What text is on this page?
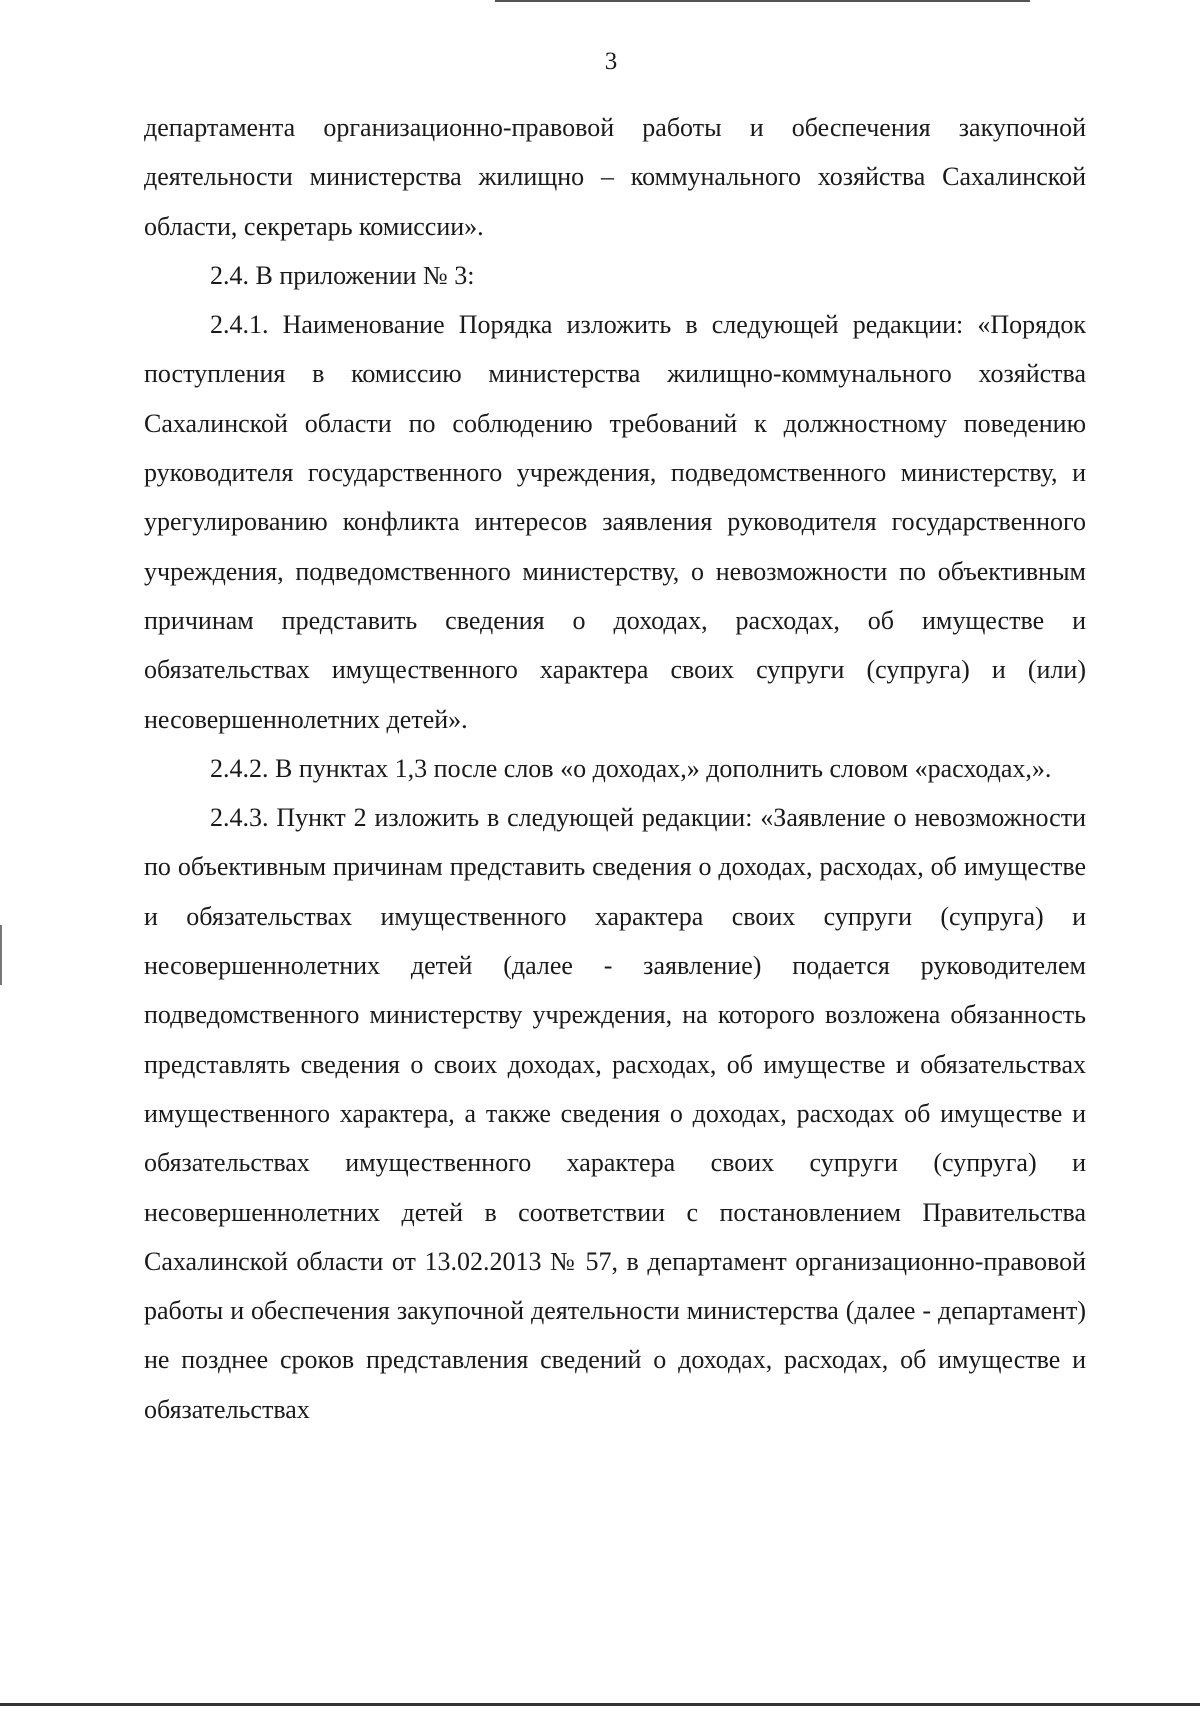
3

департамента организационно-правовой работы и обеспечения закупочной деятельности министерства жилищно – коммунального хозяйства Сахалинской области, секретарь комиссии».

2.4. В приложении № 3:

2.4.1. Наименование Порядка изложить в следующей редакции: «Порядок поступления в комиссию министерства жилищно-коммунального хозяйства Сахалинской области по соблюдению требований к должностному поведению руководителя государственного учреждения, подведомственного министерству, и урегулированию конфликта интересов заявления руководителя государственного учреждения, подведомственного министерству, о невозможности по объективным причинам представить сведения о доходах, расходах, об имуществе и обязательствах имущественного характера своих супруги (супруга) и (или) несовершеннолетних детей».

2.4.2. В пунктах 1,3 после слов «о доходах,» дополнить словом «расходах,».

2.4.3. Пункт 2 изложить в следующей редакции: «Заявление о невозможности по объективным причинам представить сведения о доходах, расходах, об имуществе и обязательствах имущественного характера своих супруги (супруга) и несовершеннолетних детей (далее - заявление) подается руководителем подведомственного министерству учреждения, на которого возложена обязанность представлять сведения о своих доходах, расходах, об имуществе и обязательствах имущественного характера, а также сведения о доходах, расходах об имуществе и обязательствах имущественного характера своих супруги (супруга) и несовершеннолетних детей в соответствии с постановлением Правительства Сахалинской области от 13.02.2013 № 57, в департамент организационно-правовой работы и обеспечения закупочной деятельности министерства (далее - департамент) не позднее сроков представления сведений о доходах, расходах, об имуществе и обязательствах
